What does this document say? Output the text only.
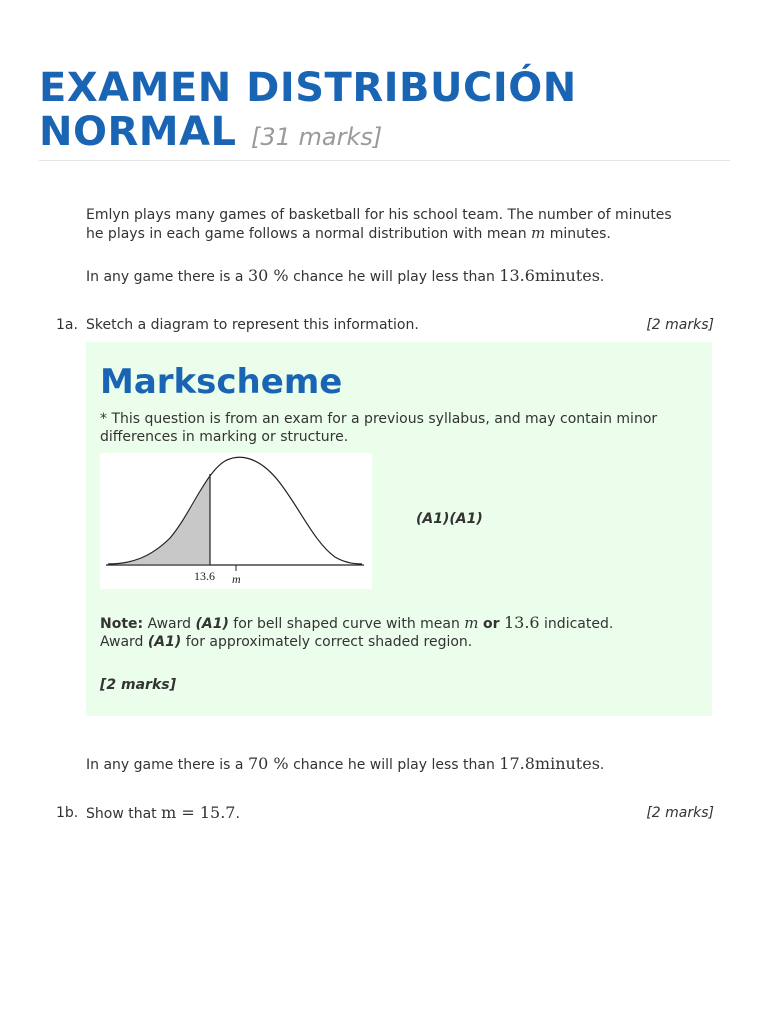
EXAMEN DISTRIBUCIÓN
NORMAL [31 marks]
Emlyn plays many games of basketball for his school team. The number of minutes he plays in each game follows a normal distribution with mean m minutes.
In any game there is a 30 % chance he will play less than 13.6minutes.
1a. Sketch a diagram to represent this information.	[2 marks]
Markscheme
* This question is from an exam for a previous syllabus, and may contain minor differences in marking or structure.
13.6 m
(A1)(A1)
Note: Award (A1) for bell shaped curve with mean m or 13.6 indicated.
Award (A1) for approximately correct shaded region.
[2 marks]
In any game there is a 70 % chance he will play less than 17.8minutes.
1b. Show that m = 15.7.	[2 marks]
